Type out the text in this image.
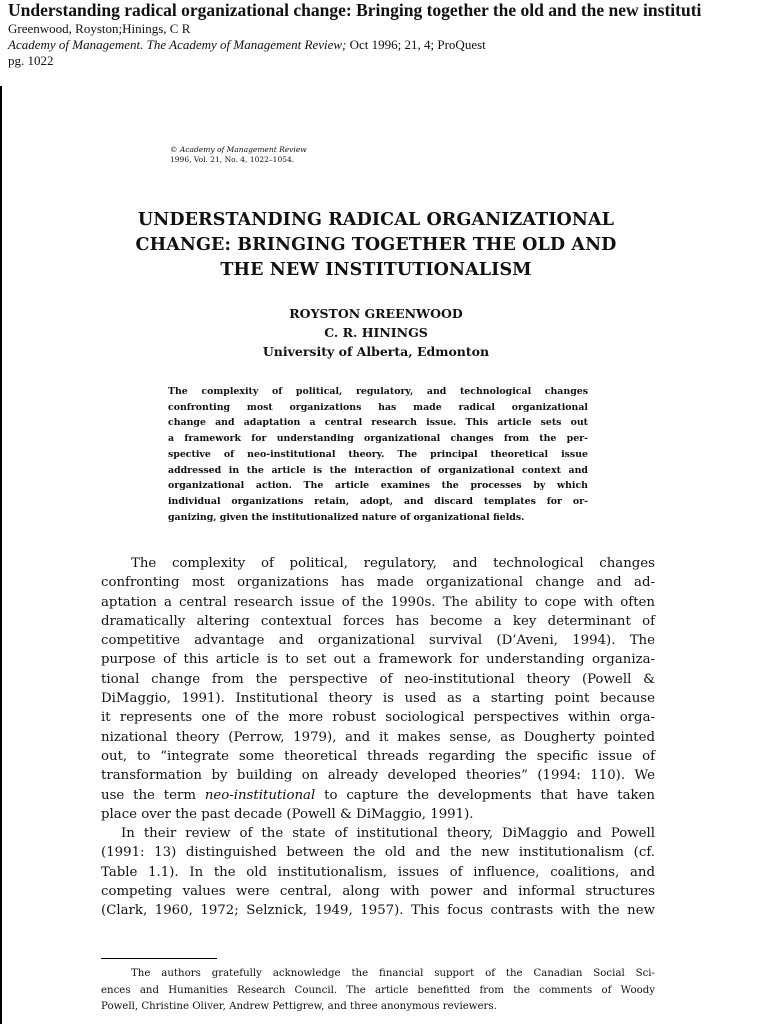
Understanding radical organizational change: Bringing together the old and the new instituti
Greenwood, Royston;Hinings, C R
Academy of Management. The Academy of Management Review; Oct 1996; 21, 4; ProQuest
pg. 1022
© Academy of Management Review
1996, Vol. 21, No. 4, 1022–1054.
UNDERSTANDING RADICAL ORGANIZATIONAL
CHANGE: BRINGING TOGETHER THE OLD AND
THE NEW INSTITUTIONALISM
ROYSTON GREENWOOD
C. R. HININGS
University of Alberta, Edmonton
The complexity of political, regulatory, and technological changes
confronting most organizations has made radical organizational
change and adaptation a central research issue. This article sets out
a framework for understanding organizational changes from the per-
spective of neo-institutional theory. The principal theoretical issue
addressed in the article is the interaction of organizational context and
organizational action. The article examines the processes by which
individual organizations retain, adopt, and discard templates for or-
ganizing, given the institutionalized nature of organizational fields.
The complexity of political, regulatory, and technological changes
confronting most organizations has made organizational change and ad-
aptation a central research issue of the 1990s. The ability to cope with often
dramatically altering contextual forces has become a key determinant of
competitive advantage and organizational survival (D’Aveni, 1994). The
purpose of this article is to set out a framework for understanding organiza-
tional change from the perspective of neo-institutional theory (Powell &
DiMaggio, 1991). Institutional theory is used as a starting point because
it represents one of the more robust sociological perspectives within orga-
nizational theory (Perrow, 1979), and it makes sense, as Dougherty pointed
out, to “integrate some theoretical threads regarding the specific issue of
transformation by building on already developed theories” (1994: 110). We
use the term neo-institutional to capture the developments that have taken
place over the past decade (Powell & DiMaggio, 1991).
In their review of the state of institutional theory, DiMaggio and Powell
(1991: 13) distinguished between the old and the new institutionalism (cf.
Table 1.1). In the old institutionalism, issues of influence, coalitions, and
competing values were central, along with power and informal structures
(Clark, 1960, 1972; Selznick, 1949, 1957). This focus contrasts with the new
The authors gratefully acknowledge the financial support of the Canadian Social Sci-
ences and Humanities Research Council. The article benefitted from the comments of Woody
Powell, Christine Oliver, Andrew Pettigrew, and three anonymous reviewers.
